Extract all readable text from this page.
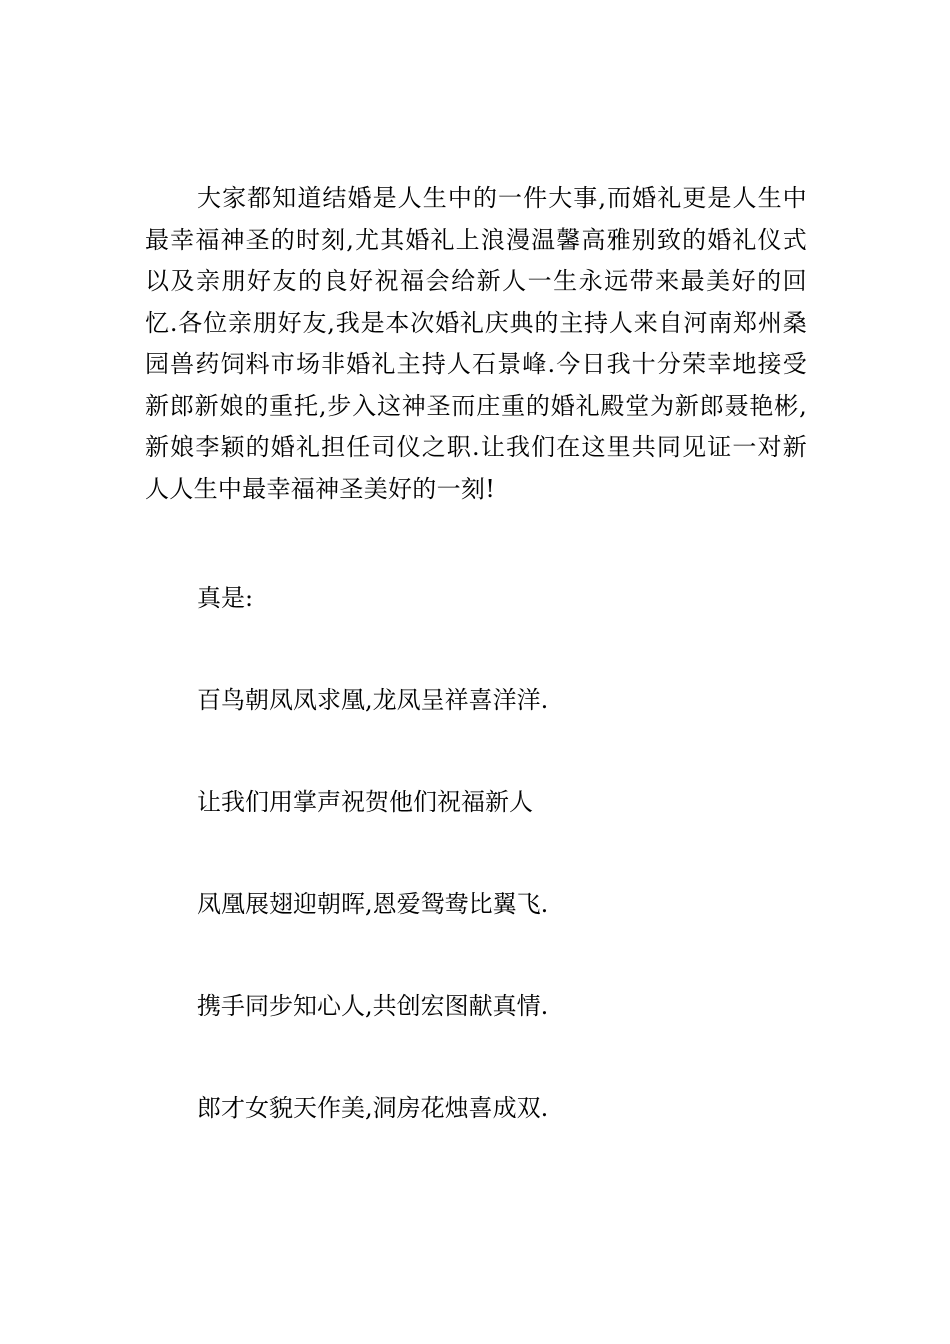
大家都知道结婚是人生中的一件大事,而婚礼更是人生中最幸福神圣的时刻,尤其婚礼上浪漫温馨高雅别致的婚礼仪式以及亲朋好友的良好祝福会给新人一生永远带来最美好的回忆.各位亲朋好友,我是本次婚礼庆典的主持人来自河南郑州桑园兽药饲料市场非婚礼主持人石景峰.今日我十分荣幸地接受新郎新娘的重托,步入这神圣而庄重的婚礼殿堂为新郎聂艳彬,新娘李颖的婚礼担任司仪之职.让我们在这里共同见证一对新人人生中最幸福神圣美好的一刻!

真是:

百鸟朝凤凤求凰,龙凤呈祥喜洋洋.

让我们用掌声祝贺他们祝福新人

凤凰展翅迎朝晖,恩爱鸳鸯比翼飞.

携手同步知心人,共创宏图献真情.

郎才女貌天作美,洞房花烛喜成双.
